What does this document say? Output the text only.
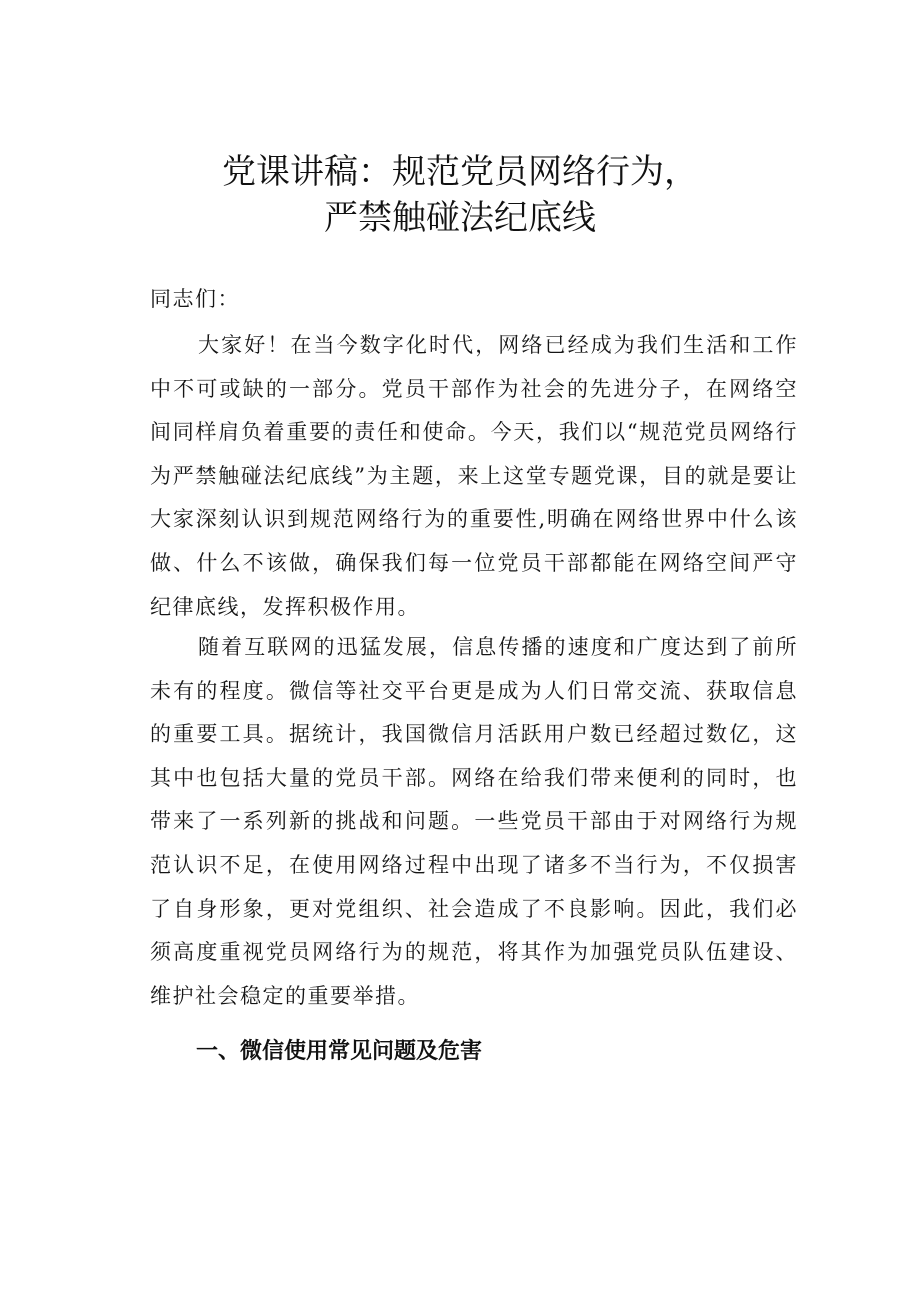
党课讲稿：规范党员网络行为，
严禁触碰法纪底线

同志们：

大家好！在当今数字化时代，网络已经成为我们生活和工作中不可或缺的一部分。党员干部作为社会的先进分子，在网络空间同样肩负着重要的责任和使命。今天，我们以“规范党员网络行为严禁触碰法纪底线”为主题，来上这堂专题党课，目的就是要让大家深刻认识到规范网络行为的重要性,明确在网络世界中什么该做、什么不该做，确保我们每一位党员干部都能在网络空间严守纪律底线，发挥积极作用。

随着互联网的迅猛发展，信息传播的速度和广度达到了前所未有的程度。微信等社交平台更是成为人们日常交流、获取信息的重要工具。据统计，我国微信月活跃用户数已经超过数亿，这其中也包括大量的党员干部。网络在给我们带来便利的同时，也带来了一系列新的挑战和问题。一些党员干部由于对网络行为规范认识不足，在使用网络过程中出现了诸多不当行为，不仅损害了自身形象，更对党组织、社会造成了不良影响。因此，我们必须高度重视党员网络行为的规范，将其作为加强党员队伍建设、维护社会稳定的重要举措。

一、微信使用常见问题及危害
